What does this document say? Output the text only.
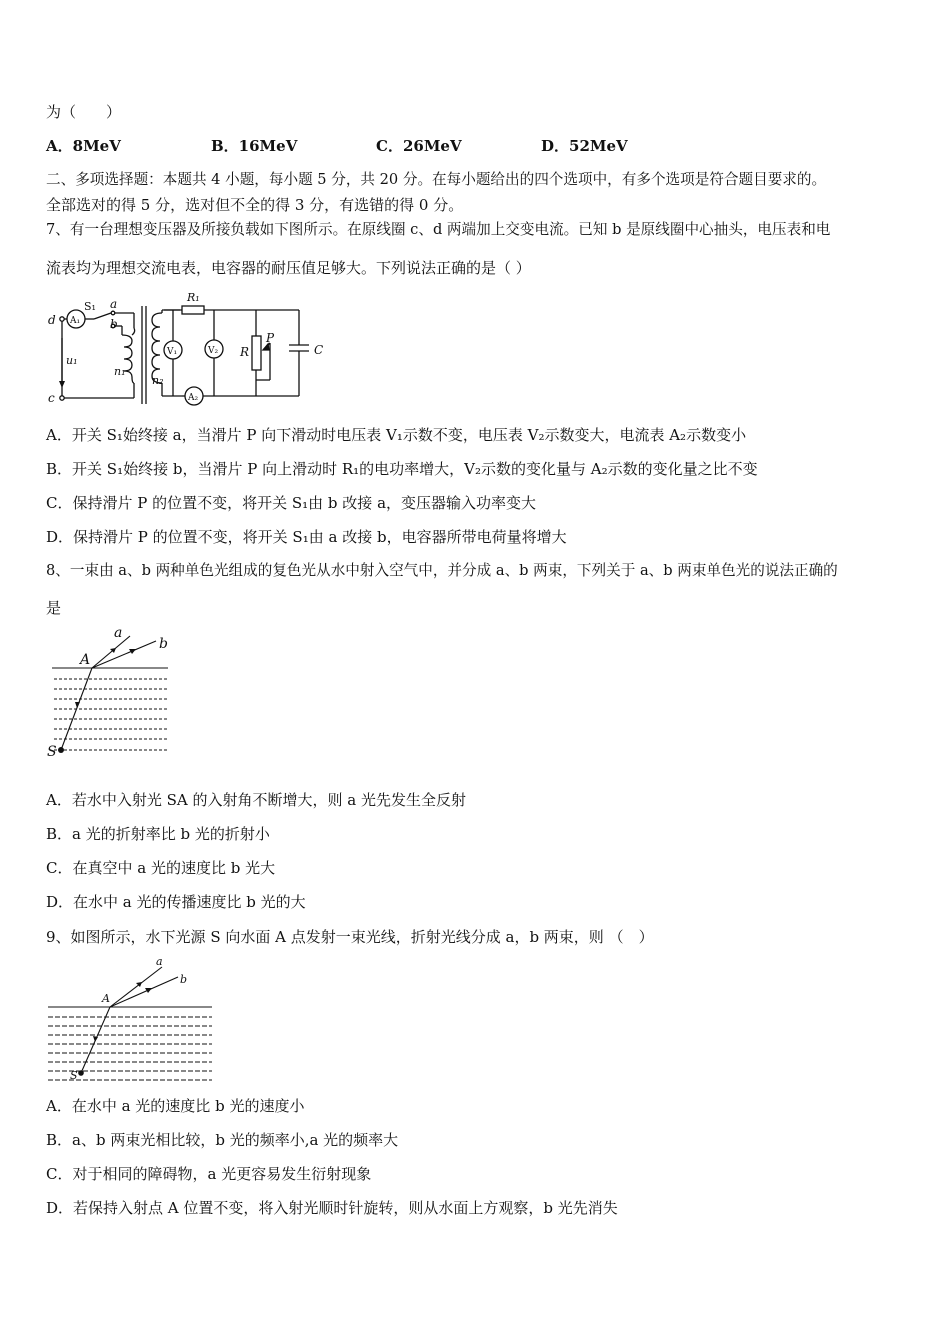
为（　　）
A．8MeV	B．16MeV	C．26MeV	D．52MeV
二、多项选择题：本题共 4 小题，每小题 5 分，共 20 分。在每小题给出的四个选项中，有多个选项是符合题目要求的。
全部选对的得 5 分，选对但不全的得 3 分，有选错的得 0 分。
7、有一台理想变压器及所接负载如下图所示。在原线圈 c、d 两端加上交变电流。已知 b 是原线圈中心抽头，电压表和电
流表均为理想交流电表，电容器的耐压值足够大。下列说法正确的是（ ）
d
c
A₁
S₁ a
b
u₁
n₁
n₂
V₁	V₂
R₁
R
P
C
A₂
A．开关 S₁始终接 a，当滑片 P 向下滑动时电压表 V₁示数不变，电压表 V₂示数变大，电流表 A₂示数变小
B．开关 S₁始终接 b，当滑片 P 向上滑动时 R₁的电功率增大，V₂示数的变化量与 A₂示数的变化量之比不变
C．保持滑片 P 的位置不变，将开关 S₁由 b 改接 a，变压器输入功率变大
D．保持滑片 P 的位置不变，将开关 S₁由 a 改接 b，电容器所带电荷量将增大
8、一束由 a、b 两种单色光组成的复色光从水中射入空气中，并分成 a、b 两束，下列关于 a、b 两束单色光的说法正确的
是
a
b
A
S
A．若水中入射光 SA 的入射角不断增大，则 a 光先发生全反射
B．a 光的折射率比 b 光的折射小
C．在真空中 a 光的速度比 b 光大
D．在水中 a 光的传播速度比 b 光的大
9、如图所示，水下光源 S 向水面 A 点发射一束光线，折射光线分成 a，b 两束，则 （　）
a
b
A
S
A．在水中 a 光的速度比 b 光的速度小
B．a、b 两束光相比较，b 光的频率小,a 光的频率大
C．对于相同的障碍物，a 光更容易发生衍射现象
D．若保持入射点 A 位置不变，将入射光顺时针旋转，则从水面上方观察，b 光先消失
